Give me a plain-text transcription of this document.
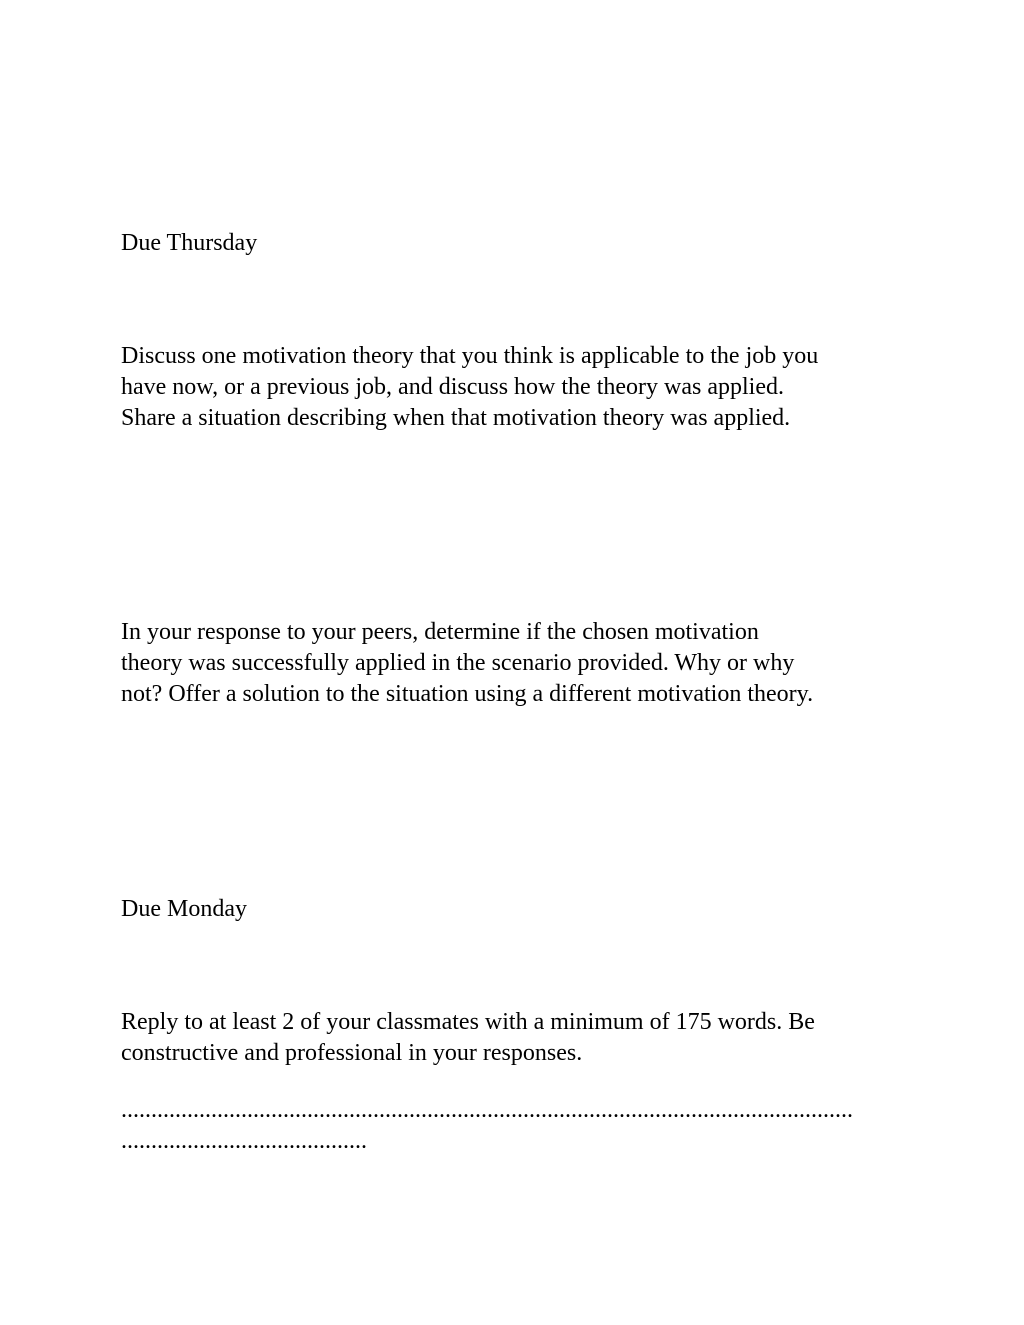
Due Thursday
Discuss one motivation theory that you think is applicable to the job you
have now, or a previous job, and discuss how the theory was applied.
Share a situation describing when that motivation theory was applied.
In your response to your peers, determine if the chosen motivation
theory was successfully applied in the scenario provided. Why or why
not? Offer a solution to the situation using a different motivation theory.
Due Monday
Reply to at least 2 of your classmates with a minimum of 175 words. Be
constructive and professional in your responses.
..........................................................................................................................
.........................................
